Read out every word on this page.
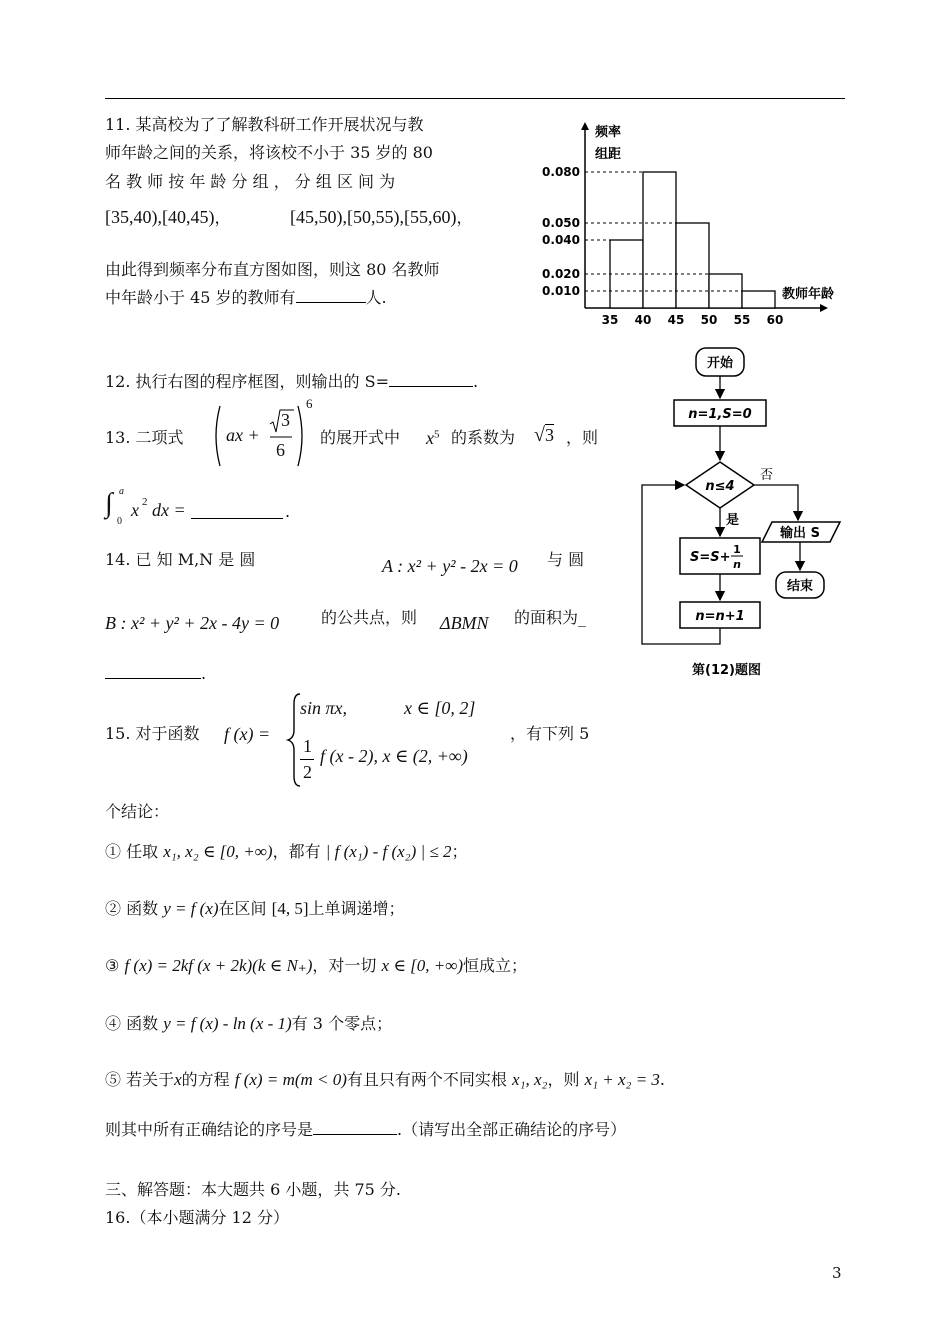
11. 某高校为了了解教科研工作开展状况与教
师年龄之间的关系，将该校不小于 35 岁的 80
名 教 师 按 年 龄 分 组 ， 分 组 区 间 为
[35,40),[40,45)，	[45,50),[50,55),[55,60)，
由此得到频率分布直方图如图，则这 80 名教师
中年龄小于 45 岁的教师有	人.
频率
组距
教师年龄
0.080
0.050
0.040
0.020
0.010
35 40 45 50 55 60
12. 执行右图的程序框图，则输出的 S=	.
开始
n=1,S=0
n≤4
否
输出 S
结束
是
S=S+
1
n
n=n+1
第(12)题图
13. 二项式 ax +
3
6
6
的展开式中 $x^5$ 的系数为 √3 ，则
∫ a
0
x 2 dx =	.
14. 已 知 M,N 是 圆	A : x² + y² - 2x = 0 与 圆
B : x² + y² + 2x - 4y = 0	的公共点，则 ΔBMN 的面积为_
.
15. 对于函数 f (x) =
sin πx,	x ∈ [0, 2]
1
2
f (x - 2), x ∈ (2, +∞)
，有下列 5
个结论：
① 任取 x₁, x₂ ∈ [0, +∞)，都有 | f (x₁) - f (x₂) | ≤ 2；
② 函数 y = f (x)在区间 [4, 5]上单调递增；
③ f (x) = 2kf (x + 2k)(k ∈ N₊)，对一切 x ∈ [0, +∞)恒成立；
④ 函数 y = f (x) - ln (x - 1)有 3 个零点；
⑤ 若关于x的方程 f (x) = m(m < 0)有且只有两个不同实根 x₁, x₂，则 x₁ + x₂ = 3.
则其中所有正确结论的序号是	.（请写出全部正确结论的序号）
三、解答题：本大题共 6 小题，共 75 分.
16.（本小题满分 12 分）
3
